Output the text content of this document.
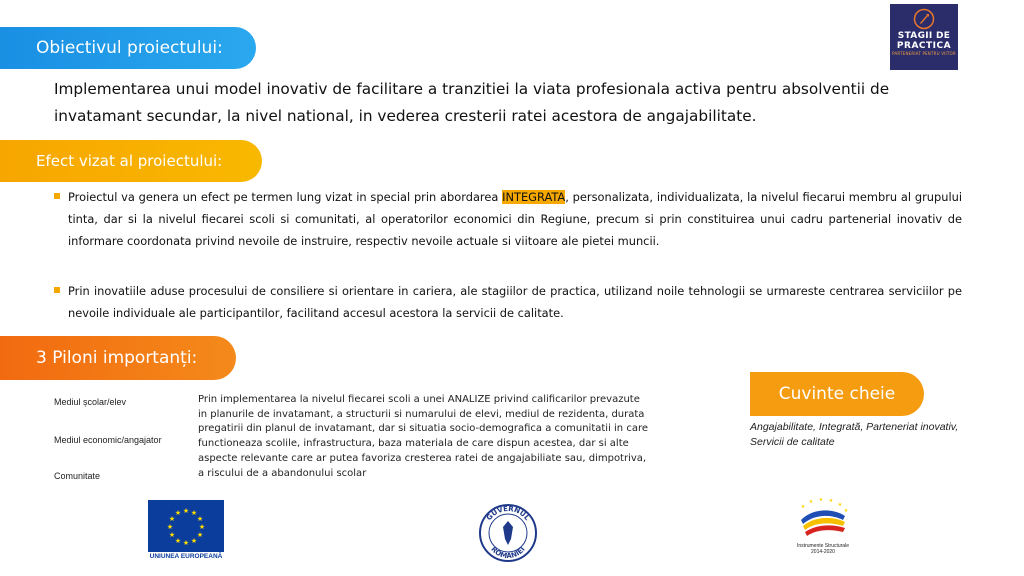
STAGII DE
PRACTICA
PARTENERIAT PENTRU VIITOR
Obiectivul proiectului:
Implementarea unui model inovativ de facilitare a tranzitiei la viata profesionala activa pentru absolventii de invatamant secundar, la nivel national, in vederea cresterii ratei acestora de angajabilitate.
Efect vizat al proiectului:
Proiectul va genera un efect pe termen lung vizat in special prin abordarea INTEGRATA, personalizata, individualizata, la nivelul fiecarui membru al grupului tinta, dar si la nivelul fiecarei scoli si comunitati, al operatorilor economici din Regiune, precum si prin constituirea unui cadru partenerial inovativ de informare coordonata privind nevoile de instruire, respectiv nevoile actuale si viitoare ale pietei muncii.
Prin inovatiile aduse procesului de consiliere si orientare in cariera, ale stagiilor de practica, utilizand noile tehnologii se urmareste centrarea serviciilor pe nevoile individuale ale participantilor, facilitand accesul acestora la servicii de calitate.
3 Piloni importanți:
Mediul școlar/elev
Mediul economic/angajator
Comunitate
Prin implementarea la nivelul fiecarei scoli a unei ANALIZE privind calificarilor prevazute in planurile de invatamant, a structurii si numarului de elevi, mediul de rezidenta, durata pregatirii din planul de invatamant, dar si situatia socio-demografica a comunitatii in care functioneaza scolile, infrastructura, baza materiala de care dispun acestea, dar si alte aspecte relevante care ar putea favoriza cresterea ratei de angajabiliate sau, dimpotriva, a riscului de a abandonului scolar
Cuvinte cheie
Angajabilitate, Integrată, Parteneriat inovativ, Servicii de calitate
★ ★
★
★
★
★
★
★
★
★
★
★
UNIUNEA EUROPEANĂ
GUVERNUL
ROMÂNIEI
★
★ ★ ★
★
★
Instrumente Structurale
2014-2020
